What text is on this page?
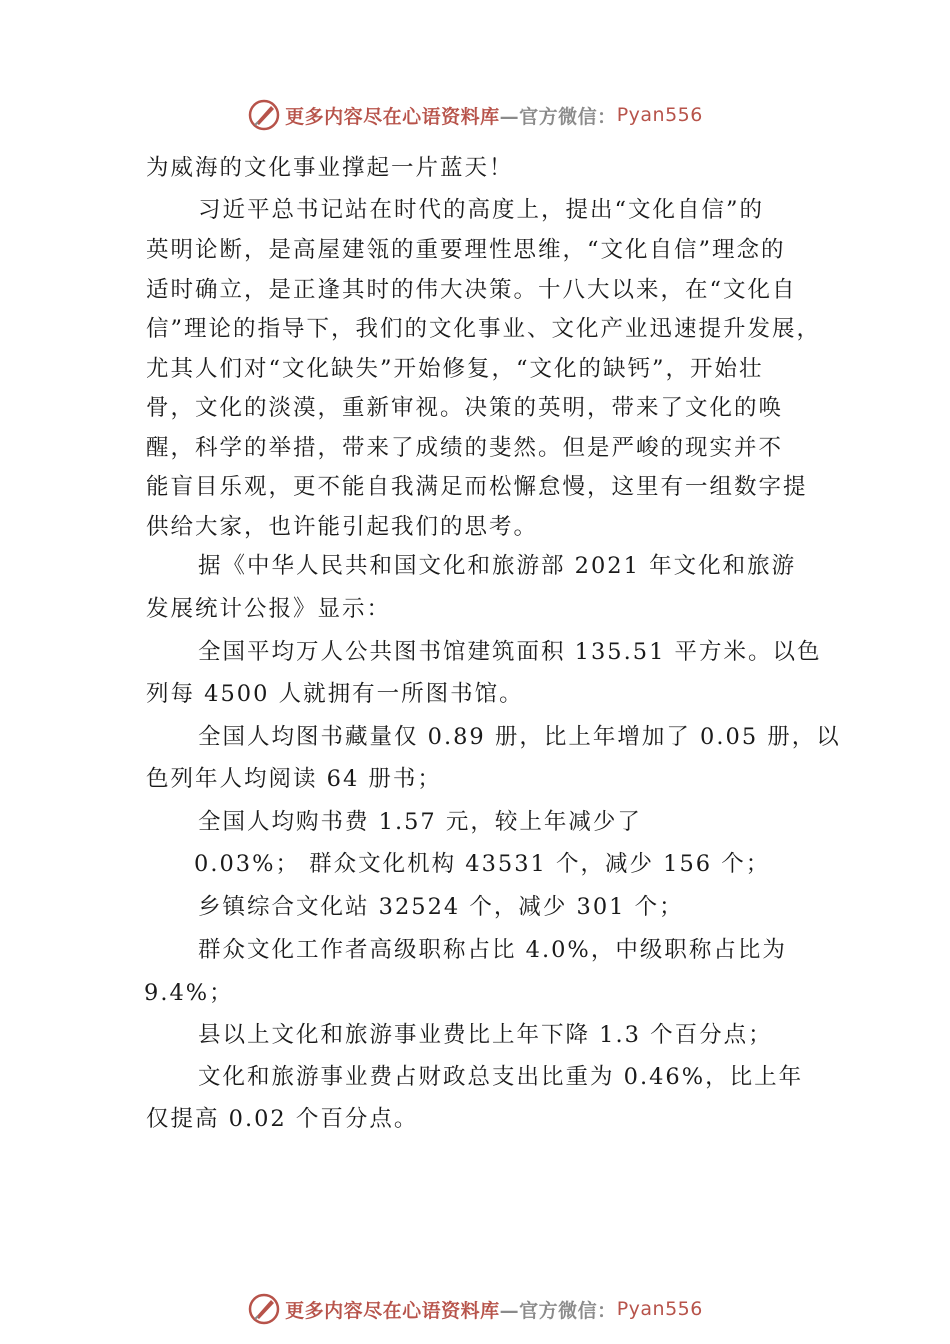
更多内容尽在心语资料库 —官方微信： Pyan556
为威海的文化事业撑起一片蓝天！
习近平总书记站在时代的高度上，提出“文化自信”的
英明论断，是高屋建瓴的重要理性思维，“文化自信”理念的
适时确立，是正逢其时的伟大决策。十八大以来，在“文化自
信”理论的指导下，我们的文化事业、文化产业迅速提升发展，
尤其人们对“文化缺失”开始修复，“文化的缺钙”，开始壮
骨，文化的淡漠，重新审视。决策的英明，带来了文化的唤
醒，科学的举措，带来了成绩的斐然。但是严峻的现实并不
能盲目乐观，更不能自我满足而松懈怠慢，这里有一组数字提
供给大家，也许能引起我们的思考。
据《中华人民共和国文化和旅游部 2021 年文化和旅游
发展统计公报》显示：
全国平均万人公共图书馆建筑面积 135.51 平方米。以色
列每 4500 人就拥有一所图书馆。
全国人均图书藏量仅 0.89 册，比上年增加了 0.05 册，以
色列年人均阅读 64 册书；
全国人均购书费 1.57 元，较上年减少了
0.03%； 群众文化机构 43531 个，减少 156 个；
乡镇综合文化站 32524 个，减少 301 个；
群众文化工作者高级职称占比 4.0%，中级职称占比为
9.4%；
县以上文化和旅游事业费比上年下降 1.3 个百分点；
文化和旅游事业费占财政总支出比重为 0.46%，比上年
仅提高 0.02 个百分点。
更多内容尽在心语资料库 —官方微信： Pyan556
